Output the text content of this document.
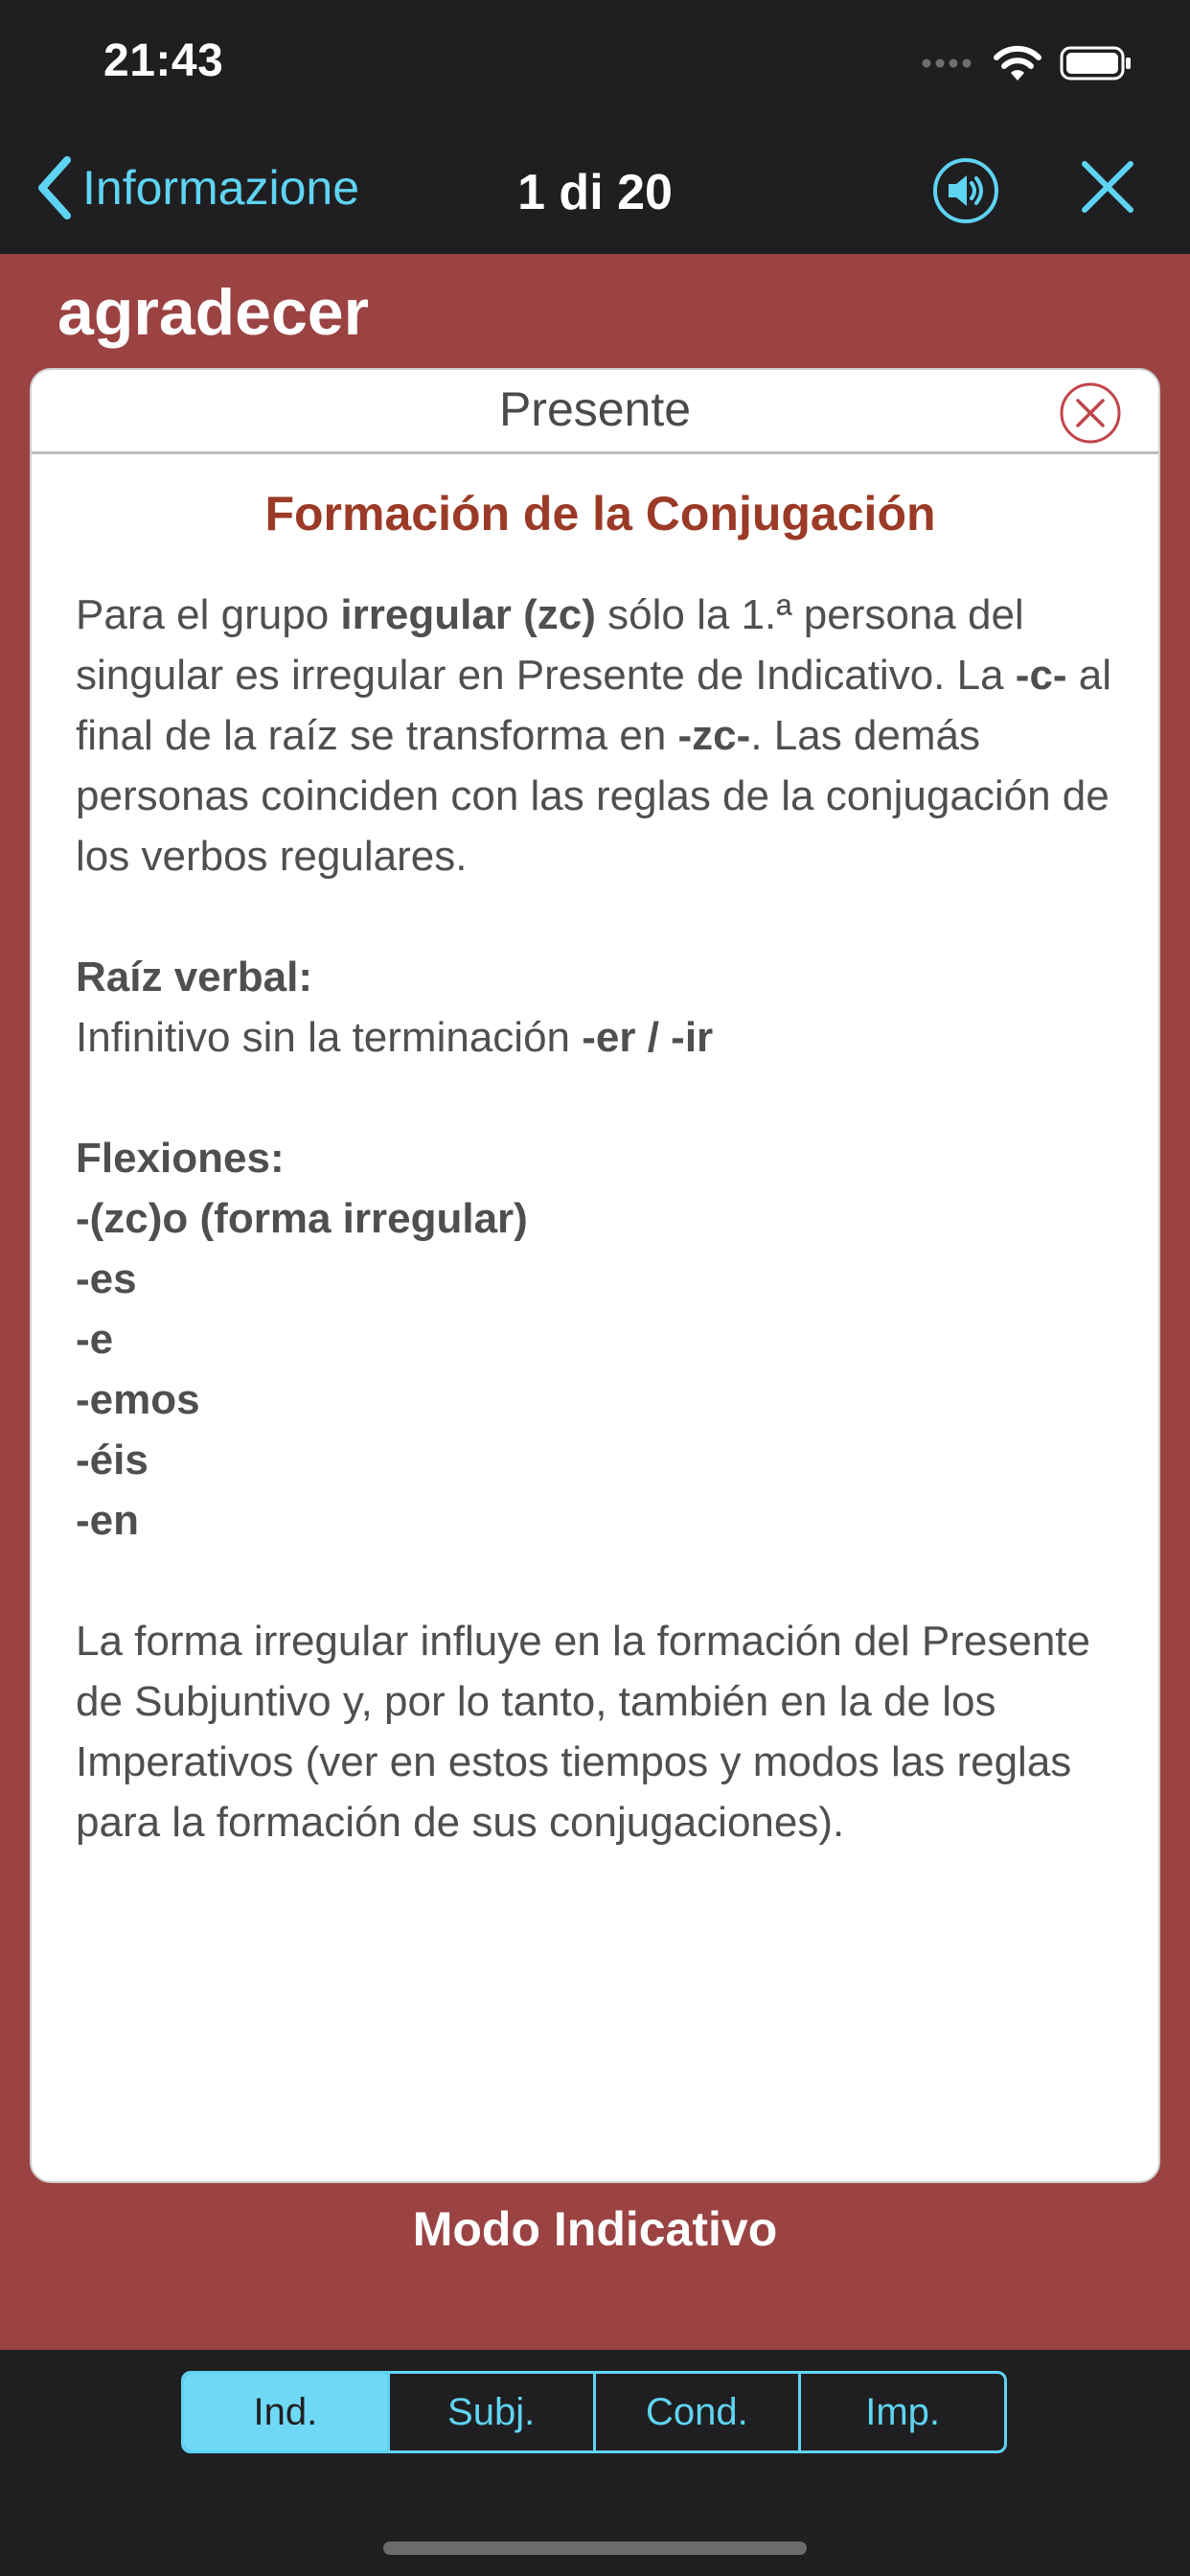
21:43
Informazione	1 di 20
agradecer
Presente
Formación de la Conjugación

Para el grupo irregular (zc) sólo la 1.ª persona del singular es irregular en Presente de Indicativo. La -c- al final de la raíz se transforma en -zc-. Las demás personas coinciden con las reglas de la conjugación de los verbos regulares.

Raíz verbal:
Infinitivo sin la terminación -er / -ir
Flexiones:
-(zc)o (forma irregular)
-es
-e
-emos
-éis
-en

La forma irregular influye en la formación del Presente de Subjuntivo y, por lo tanto, también en la de los Imperativos (ver en estos tiempos y modos las reglas para la formación de sus conjugaciones).

Modo Indicativo
Ind.	Subj.	Cond.	Imp.
